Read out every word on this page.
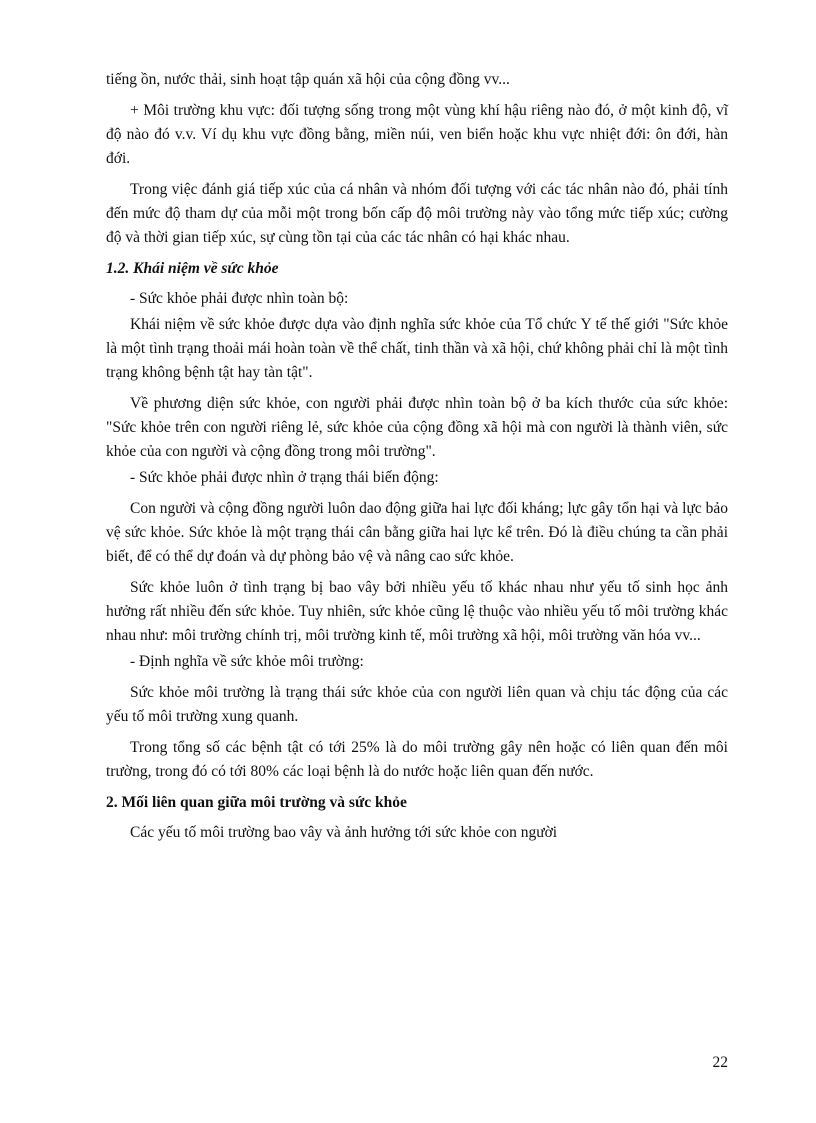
tiếng ồn, nước thải, sinh hoạt tập quán xã hội của cộng đồng vv...

+ Môi trường khu vực: đối tượng sống trong một vùng khí hậu riêng nào đó, ở một kinh độ, vĩ độ nào đó v.v. Ví dụ khu vực đồng bằng, miền núi, ven biển hoặc khu vực nhiệt đới: ôn đới, hàn đới.

Trong việc đánh giá tiếp xúc của cá nhân và nhóm đối tượng với các tác nhân nào đó, phải tính đến mức độ tham dự của mỗi một trong bốn cấp độ môi trường này vào tổng mức tiếp xúc; cường độ và thời gian tiếp xúc, sự cùng tồn tại của các tác nhân có hại khác nhau.

1.2. Khái niệm về sức khỏe

- Sức khỏe phải được nhìn toàn bộ:

Khái niệm về sức khỏe được dựa vào định nghĩa sức khỏe của Tổ chức Y tế thế giới "Sức khỏe là một tình trạng thoải mái hoàn toàn về thể chất, tinh thần và xã hội, chứ không phải chỉ là một tình trạng không bệnh tật hay tàn tật".

Về phương diện sức khỏe, con người phải được nhìn toàn bộ ở ba kích thước của sức khỏe: "Sức khỏe trên con người riêng lẻ, sức khỏe của cộng đồng xã hội mà con người là thành viên, sức khỏe của con người và cộng đồng trong môi trường".

- Sức khỏe phải được nhìn ở trạng thái biến động:

Con người và cộng đồng người luôn dao động giữa hai lực đối kháng; lực gây tổn hại và lực bảo vệ sức khỏe. Sức khỏe là một trạng thái cân bằng giữa hai lực kể trên. Đó là điều chúng ta cần phải biết, để có thể dự đoán và dự phòng bảo vệ và nâng cao sức khỏe.

Sức khỏe luôn ở tình trạng bị bao vây bởi nhiều yếu tố khác nhau như yếu tố sinh học ảnh hưởng rất nhiều đến sức khỏe. Tuy nhiên, sức khỏe cũng lệ thuộc vào nhiều yếu tố môi trường khác nhau như: môi trường chính trị, môi trường kinh tế, môi trường xã hội, môi trường văn hóa vv...

- Định nghĩa về sức khỏe môi trường:

Sức khỏe môi trường là trạng thái sức khỏe của con người liên quan và chịu tác động của các yếu tố môi trường xung quanh.

Trong tổng số các bệnh tật có tới 25% là do môi trường gây nên hoặc có liên quan đến môi trường, trong đó có tới 80% các loại bệnh là do nước hoặc liên quan đến nước.

2. Mối liên quan giữa môi trường và sức khỏe

Các yếu tố môi trường bao vây và ảnh hưởng tới sức khỏe con người

22
